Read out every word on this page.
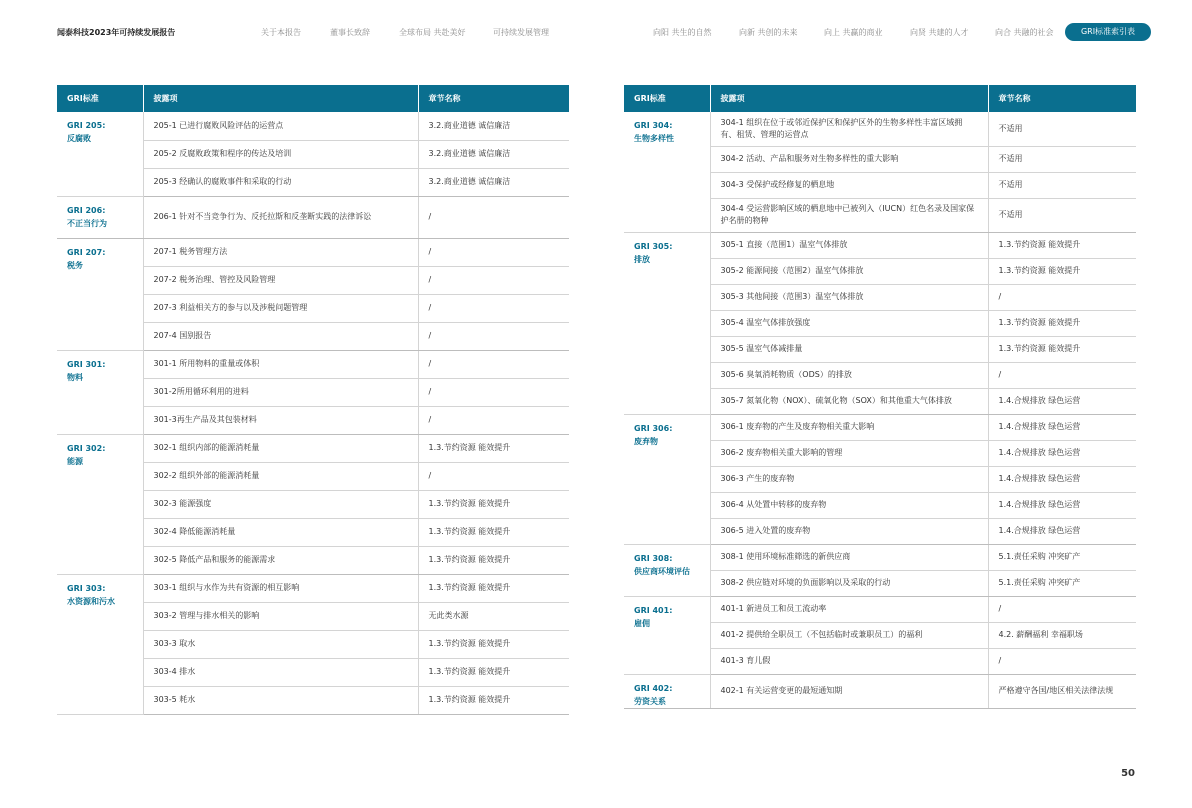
闻泰科技2023年可持续发展报告	关于本报告	董事长致辞	全球布局 共赴美好	可持续发展管理	向阳 共生的自然	向新 共创的未来	向上 共赢的商业	向贤 共建的人才	向合 共融的社会	GRI标准索引表
GRI标准	披露项	章节名称

GRI 205:
反腐败	205-1 已进行腐败风险评估的运营点	3.2.商业道德 诚信廉洁
	205-2 反腐败政策和程序的传达及培训	3.2.商业道德 诚信廉洁
	205-3 经确认的腐败事件和采取的行动	3.2.商业道德 诚信廉洁

GRI 206:
不正当行为	206-1 针对不当竞争行为、反托拉斯和反垄断实践的法律诉讼	/

GRI 207:
税务	207-1 税务管理方法	/
	207-2 税务治理、管控及风险管理	/
	207-3 利益相关方的参与以及涉税问题管理	/
	207-4 国别报告	/

GRI 301:
物料	301-1 所用物料的重量或体积	/
	301-2所用循环利用的进料	/
	301-3再生产品及其包装材料	/

GRI 302:
能源	302-1 组织内部的能源消耗量	1.3.节约资源 能效提升
	302-2 组织外部的能源消耗量	/
	302-3 能源强度	1.3.节约资源 能效提升
	302-4 降低能源消耗量	1.3.节约资源 能效提升
	302-5 降低产品和服务的能源需求	1.3.节约资源 能效提升

GRI 303:
水资源和污水	303-1 组织与水作为共有资源的相互影响	1.3.节约资源 能效提升
	303-2 管理与排水相关的影响	无此类水源
	303-3 取水	1.3.节约资源 能效提升
	303-4 排水	1.3.节约资源 能效提升
	303-5 耗水	1.3.节约资源 能效提升
GRI标准	披露项	章节名称

GRI 304:
生物多样性	304-1 组织在位于或邻近保护区和保护区外的生物多样性丰富区域拥有、租赁、管理的运营点	不适用
	304-2 活动、产品和服务对生物多样性的重大影响	不适用
	304-3 受保护或经修复的栖息地	不适用
	304-4 受运营影响区域的栖息地中已被列入（IUCN）红色名录及国家保护名册的物种	不适用

GRI 305:
排放	305-1 直接（范围1）温室气体排放	1.3.节约资源 能效提升
	305-2 能源间接（范围2）温室气体排放	1.3.节约资源 能效提升
	305-3 其他间接（范围3）温室气体排放	/
	305-4 温室气体排放强度	1.3.节约资源 能效提升
	305-5 温室气体减排量	1.3.节约资源 能效提升
	305-6 臭氧消耗物质（ODS）的排放	/
	305-7 氮氧化物（NOX）、硫氧化物（SOX）和其他重大气体排放	1.4.合规排放 绿色运营

GRI 306:
废弃物	306-1 废弃物的产生及废弃物相关重大影响	1.4.合规排放 绿色运营
	306-2 废弃物相关重大影响的管理	1.4.合规排放 绿色运营
	306-3 产生的废弃物	1.4.合规排放 绿色运营
	306-4 从处置中转移的废弃物	1.4.合规排放 绿色运营
	306-5 进入处置的废弃物	1.4.合规排放 绿色运营

GRI 308:
供应商环境评估	308-1 使用环境标准筛选的新供应商	5.1.责任采购 冲突矿产
	308-2 供应链对环境的负面影响以及采取的行动	5.1.责任采购 冲突矿产

GRI 401:
雇佣	401-1 新进员工和员工流动率	/
	401-2 提供给全职员工（不包括临时或兼职员工）的福利	4.2. 薪酬福利 幸福职场
	401-3 育儿假	/

GRI 402:
劳资关系	402-1 有关运营变更的最短通知期	严格遵守各国/地区相关法律法规
50
